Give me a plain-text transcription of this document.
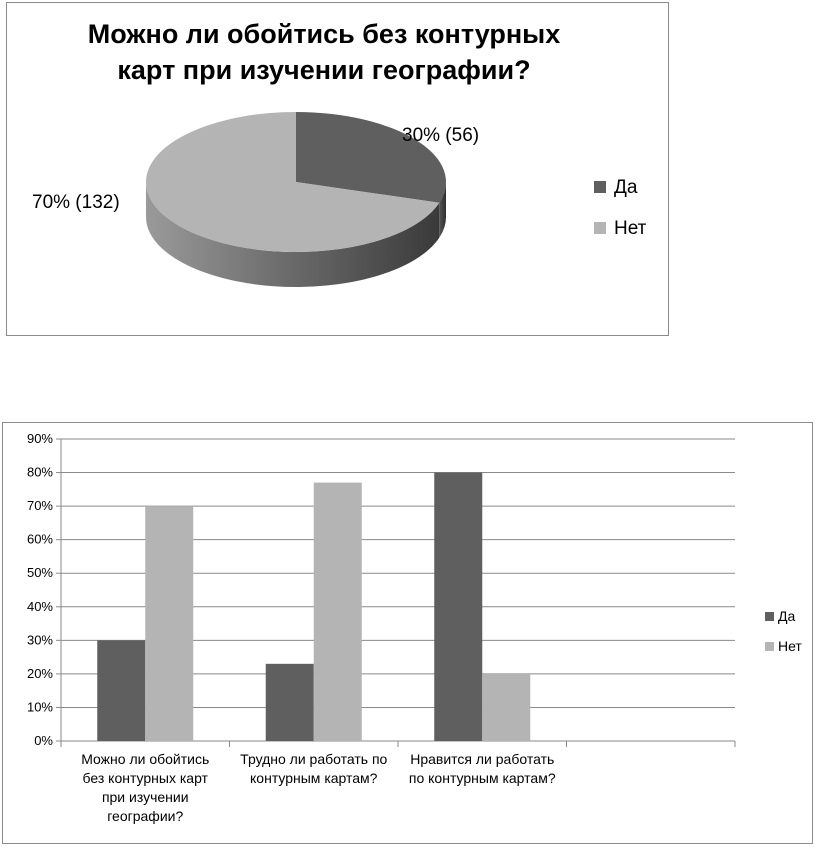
Можно ли обойтись без контурных
карт при изучении географии?
30% (56)
70% (132)
Да
Нет
0%
10%
20%
30%
40%
50%
60%
70%
80%
90%
Можно ли обойтись
без контурных карт
при изучении
географии?
Трудно ли работать по
контурным картам?
Нравится ли работать
по контурным картам?
Да
Нет
